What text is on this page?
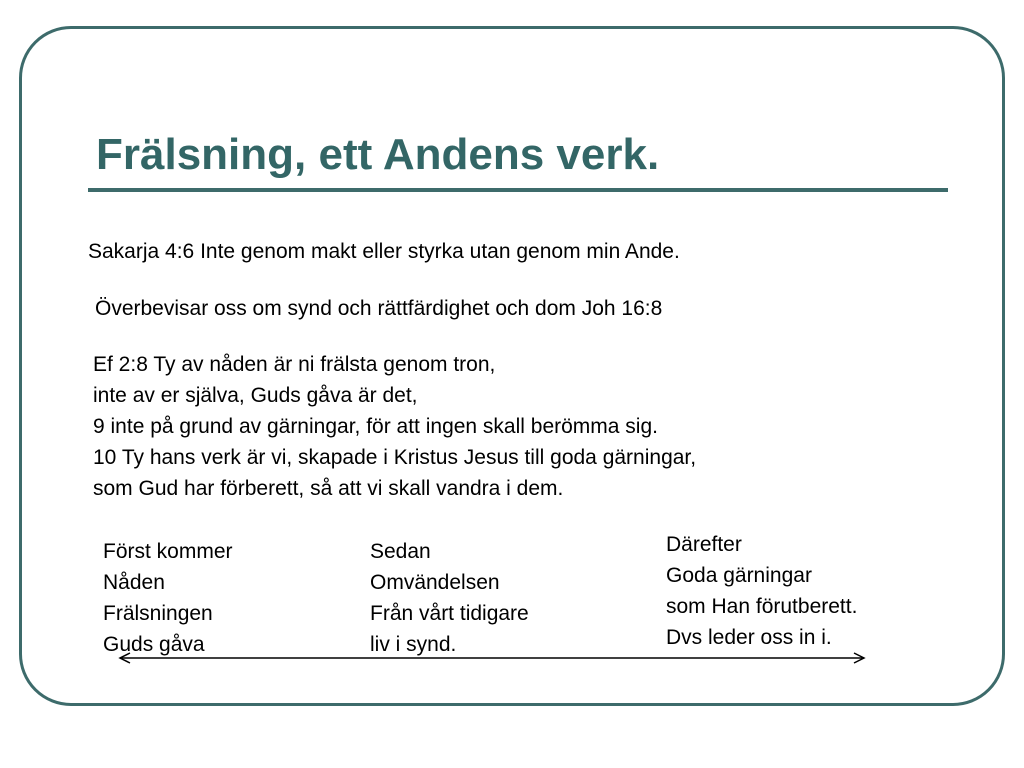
Frälsning, ett Andens verk.

Sakarja 4:6 Inte genom makt eller styrka utan genom min Ande.

Överbevisar oss om synd och rättfärdighet och dom Joh 16:8

Ef 2:8 Ty av nåden är ni frälsta genom tron,
inte av er själva, Guds gåva är det,
9 inte på grund av gärningar, för att ingen skall berömma sig.
10 Ty hans verk är vi, skapade i Kristus Jesus till goda gärningar,
som Gud har förberett, så att vi skall vandra i dem.
Först kommer
Nåden
Frälsningen
Guds gåva
Sedan
Omvändelsen
Från vårt tidigare
liv i synd.
Därefter
Goda gärningar
som Han förutberett.
Dvs leder oss in i.
